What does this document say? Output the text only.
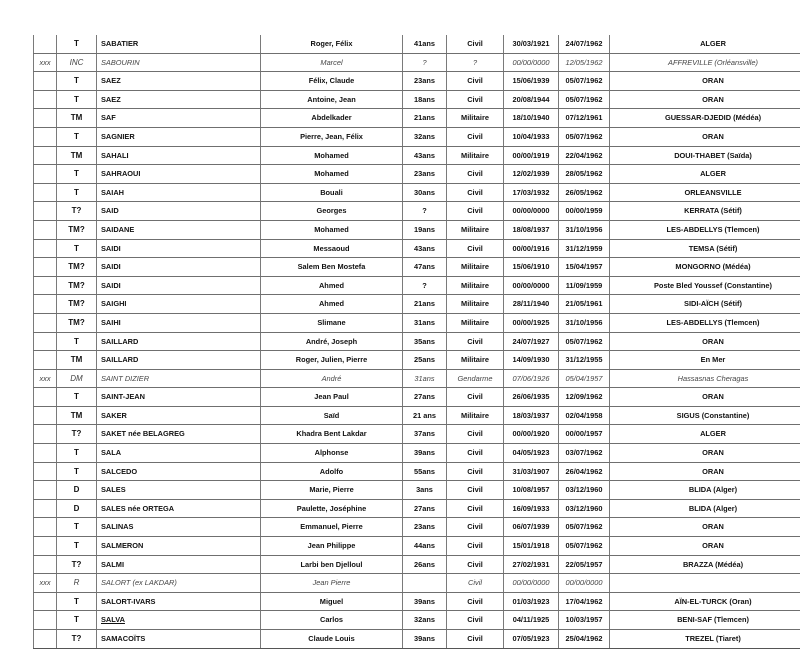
	T	SABATIER	Roger, Félix	41ans	Civil	30/03/1921	24/07/1962	ALGER
xxx	INC	SABOURIN	Marcel	?	?	00/00/0000	12/05/1962	AFFREVILLE (Orléansville)
	T	SAEZ	Félix, Claude	23ans	Civil	15/06/1939	05/07/1962	ORAN
	T	SAEZ	Antoine, Jean	18ans	Civil	20/08/1944	05/07/1962	ORAN
	TM	SAF	Abdelkader	21ans	Militaire	18/10/1940	07/12/1961	GUESSAR-DJEDID (Médéa)
	T	SAGNIER	Pierre, Jean, Félix	32ans	Civil	10/04/1933	05/07/1962	ORAN
	TM	SAHALI	Mohamed	43ans	Militaire	00/00/1919	22/04/1962	DOUI-THABET (Saïda)
	T	SAHRAOUI	Mohamed	23ans	Civil	12/02/1939	28/05/1962	ALGER
	T	SAIAH	Bouali	30ans	Civil	17/03/1932	26/05/1962	ORLEANSVILLE
	T?	SAID	Georges	?	Civil	00/00/0000	00/00/1959	KERRATA (Sétif)
	TM?	SAIDANE	Mohamed	19ans	Militaire	18/08/1937	31/10/1956	LES-ABDELLYS (Tlemcen)
	T	SAIDI	Messaoud	43ans	Civil	00/00/1916	31/12/1959	TEMSA (Sétif)
	TM?	SAIDI	Salem Ben Mostefa	47ans	Militaire	15/06/1910	15/04/1957	MONGORNO (Médéa)
	TM?	SAIDI	Ahmed	?	Militaire	00/00/0000	11/09/1959	Poste Bled Youssef (Constantine)
	TM?	SAIGHI	Ahmed	21ans	Militaire	28/11/1940	21/05/1961	SIDI-AÏCH (Sétif)
	TM?	SAIHI	Slimane	31ans	Militaire	00/00/1925	31/10/1956	LES-ABDELLYS (Tlemcen)
	T	SAILLARD	André, Joseph	35ans	Civil	24/07/1927	05/07/1962	ORAN
	TM	SAILLARD	Roger, Julien, Pierre	25ans	Militaire	14/09/1930	31/12/1955	En Mer
xxx	DM	SAINT DIZIER	André	31ans	Gendarme	07/06/1926	05/04/1957	Hassasnas Cheragas
	T	SAINT-JEAN	Jean Paul	27ans	Civil	26/06/1935	12/09/1962	ORAN
	TM	SAKER	Saïd	21 ans	Militaire	18/03/1937	02/04/1958	SIGUS (Constantine)
	T?	SAKET née BELAGREG	Khadra Bent Lakdar	37ans	Civil	00/00/1920	00/00/1957	ALGER
	T	SALA	Alphonse	39ans	Civil	04/05/1923	03/07/1962	ORAN
	T	SALCEDO	Adolfo	55ans	Civil	31/03/1907	26/04/1962	ORAN
	D	SALES	Marie, Pierre	3ans	Civil	10/08/1957	03/12/1960	BLIDA (Alger)
	D	SALES née ORTEGA	Paulette, Joséphine	27ans	Civil	16/09/1933	03/12/1960	BLIDA (Alger)
	T	SALINAS	Emmanuel, Pierre	23ans	Civil	06/07/1939	05/07/1962	ORAN
	T	SALMERON	Jean Philippe	44ans	Civil	15/01/1918	05/07/1962	ORAN
	T?	SALMI	Larbi ben Djelloul	26ans	Civil	27/02/1931	22/05/1957	BRAZZA (Médéa)
xxx	R	SALORT (ex LAKDAR)	Jean Pierre		Civil	00/00/0000	00/00/0000	
	T	SALORT-IVARS	Miguel	39ans	Civil	01/03/1923	17/04/1962	AÏN-EL-TURCK (Oran)
	T	SALVA	Carlos	32ans	Civil	04/11/1925	10/03/1957	BENI-SAF (Tlemcen)
	T?	SAMACOÏTS	Claude Louis	39ans	Civil	07/05/1923	25/04/1962	TREZEL (Tiaret)
